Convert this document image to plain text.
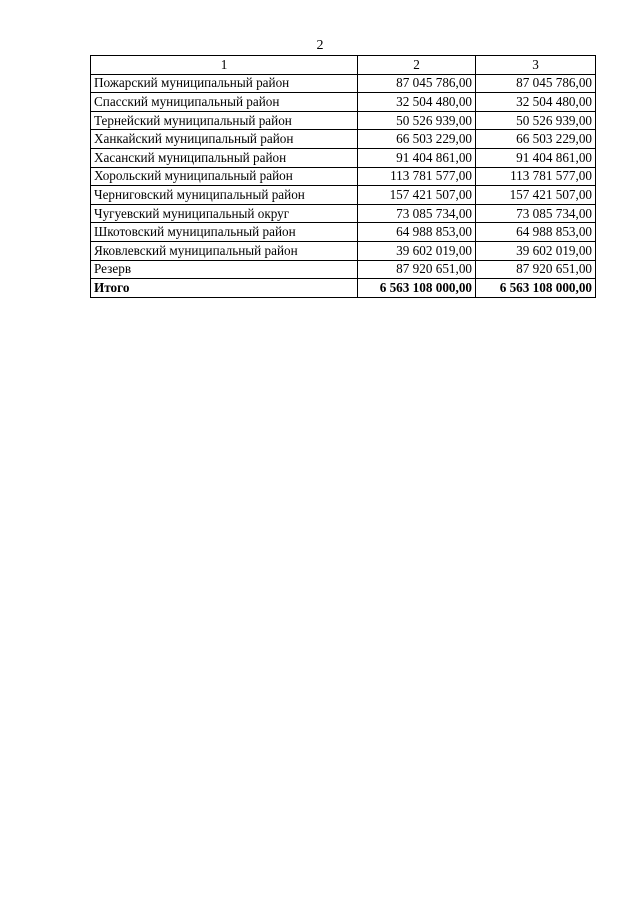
2
1	2	3
Пожарский муниципальный район	87 045 786,00	87 045 786,00
Спасский муниципальный район	32 504 480,00	32 504 480,00
Тернейский муниципальный район	50 526 939,00	50 526 939,00
Ханкайский муниципальный район	66 503 229,00	66 503 229,00
Хасанский муниципальный район	91 404 861,00	91 404 861,00
Хорольский муниципальный район	113 781 577,00	113 781 577,00
Черниговский муниципальный район	157 421 507,00	157 421 507,00
Чугуевский муниципальный округ	73 085 734,00	73 085 734,00
Шкотовский муниципальный район	64 988 853,00	64 988 853,00
Яковлевский муниципальный район	39 602 019,00	39 602 019,00
Резерв	87 920 651,00	87 920 651,00
Итого	6 563 108 000,00	6 563 108 000,00
